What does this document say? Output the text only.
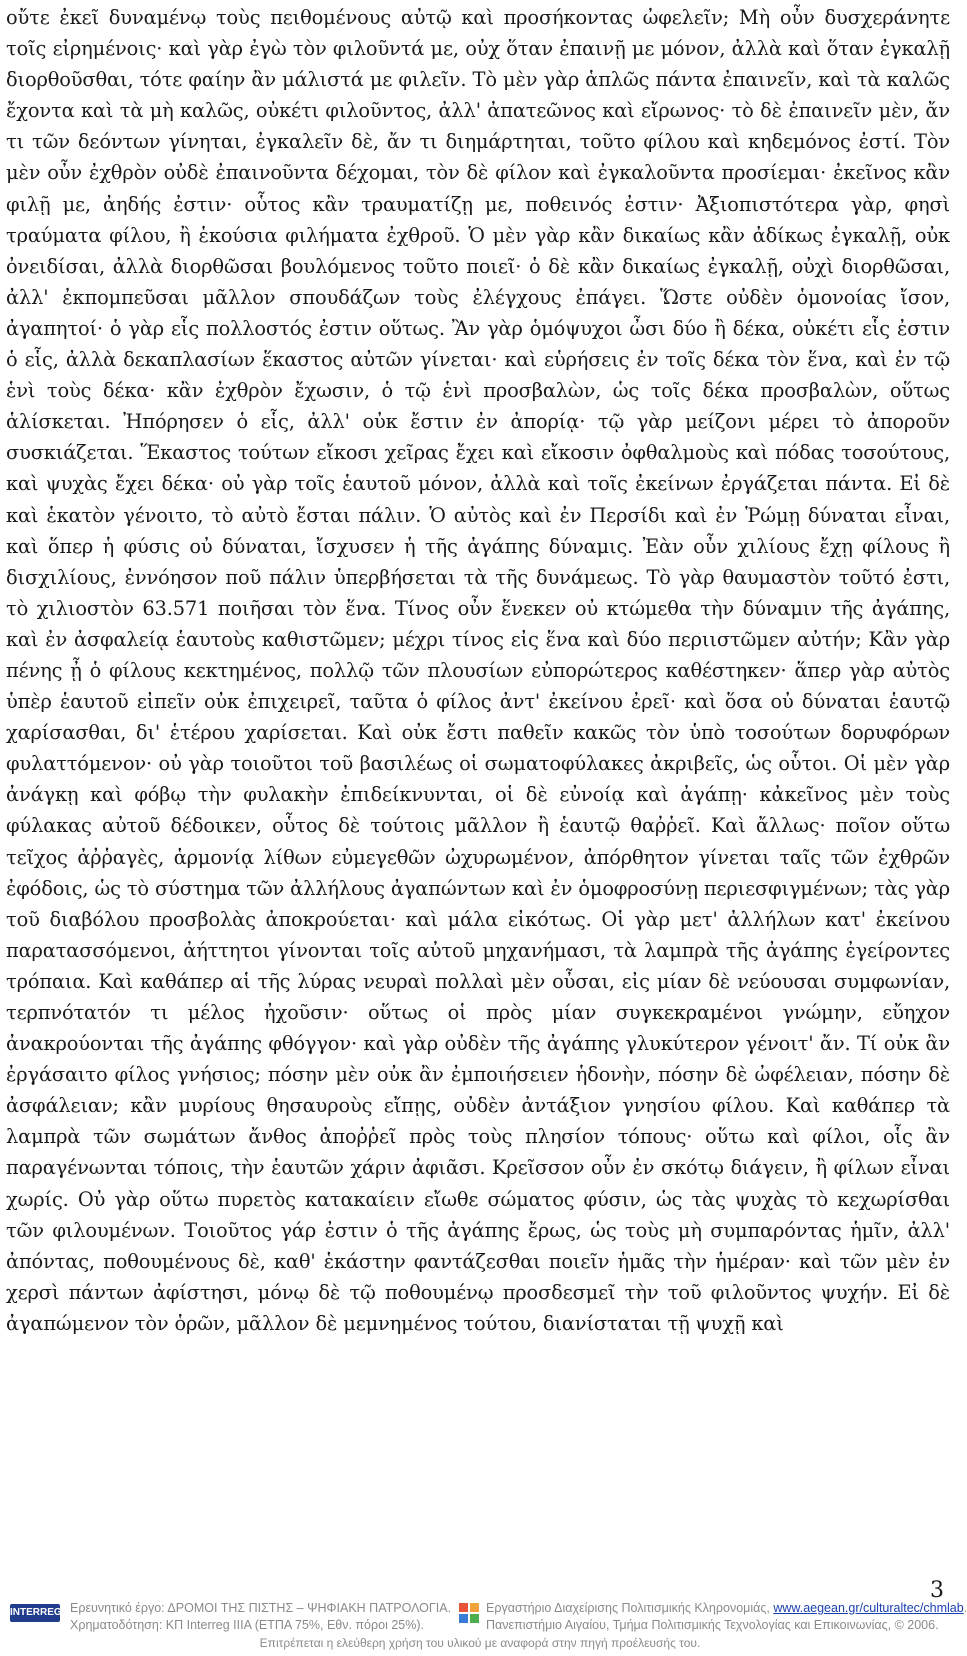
οὔτε ἐκεῖ δυναμένῳ τοὺς πειθομένους αὐτῷ καὶ προσήκοντας ὠφελεῖν; Μὴ οὖν δυσχεράνητε τοῖς εἰρημένοις· καὶ γὰρ ἐγὼ τὸν φιλοῦντά με, οὐχ ὅταν ἐπαινῇ με μόνον, ἀλλὰ καὶ ὅταν ἐγκαλῇ διορθοῦσθαι, τότε φαίην ἂν μάλιστά με φιλεῖν. Τὸ μὲν γὰρ ἁπλῶς πάντα ἐπαινεῖν, καὶ τὰ καλῶς ἔχοντα καὶ τὰ μὴ καλῶς, οὐκέτι φιλοῦντος, ἀλλ' ἀπατεῶνος καὶ εἴρωνος· τὸ δὲ ἐπαινεῖν μὲν, ἄν τι τῶν δεόντων γίνηται, ἐγκαλεῖν δὲ, ἄν τι διημάρτηται, τοῦτο φίλου καὶ κηδεμόνος ἐστί. Τὸν μὲν οὖν ἐχθρὸν οὐδὲ ἐπαινοῦντα δέχομαι, τὸν δὲ φίλον καὶ ἐγκαλοῦντα προσίεμαι· ἐκεῖνος κἂν φιλῇ με, ἀηδής ἐστιν· οὗτος κἂν τραυματίζῃ με, ποθεινός ἐστιν· Ἀξιοπιστότερα γὰρ, φησὶ τραύματα φίλου, ἢ ἑκούσια φιλήματα ἐχθροῦ. Ὁ μὲν γὰρ κἂν δικαίως κἂν ἀδίκως ἐγκαλῇ, οὐκ ὀνειδίσαι, ἀλλὰ διορθῶσαι βουλόμενος τοῦτο ποιεῖ· ὁ δὲ κἂν δικαίως ἐγκαλῇ, οὐχὶ διορθῶσαι, ἀλλ' ἐκπομπεῦσαι μᾶλλον σπουδάζων τοὺς ἐλέγχους ἐπάγει. Ὥστε οὐδὲν ὁμονοίας ἴσον, ἀγαπητοί· ὁ γὰρ εἷς πολλοστός ἐστιν οὕτως. Ἂν γὰρ ὁμόψυχοι ὦσι δύο ἢ δέκα, οὐκέτι εἷς ἐστιν ὁ εἷς, ἀλλὰ δεκαπλασίων ἕκαστος αὐτῶν γίνεται· καὶ εὑρήσεις ἐν τοῖς δέκα τὸν ἕνα, καὶ ἐν τῷ ἑνὶ τοὺς δέκα· κἂν ἐχθρὸν ἔχωσιν, ὁ τῷ ἑνὶ προσβαλὼν, ὡς τοῖς δέκα προσβαλὼν, οὕτως ἁλίσκεται. Ἠπόρησεν ὁ εἷς, ἀλλ' οὐκ ἔστιν ἐν ἀπορίᾳ· τῷ γὰρ μείζονι μέρει τὸ ἀποροῦν συσκιάζεται. Ἕκαστος τούτων εἴκοσι χεῖρας ἔχει καὶ εἴκοσιν ὀφθαλμοὺς καὶ πόδας τοσούτους, καὶ ψυχὰς ἔχει δέκα· οὐ γὰρ τοῖς ἑαυτοῦ μόνον, ἀλλὰ καὶ τοῖς ἐκείνων ἐργάζεται πάντα. Εἰ δὲ καὶ ἑκατὸν γένοιτο, τὸ αὐτὸ ἔσται πάλιν. Ὁ αὐτὸς καὶ ἐν Περσίδι καὶ ἐν Ῥώμῃ δύναται εἶναι, καὶ ὅπερ ἡ φύσις οὐ δύναται, ἴσχυσεν ἡ τῆς ἀγάπης δύναμις. Ἐὰν οὖν χιλίους ἔχῃ φίλους ἢ δισχιλίους, ἐννόησον ποῦ πάλιν ὑπερβήσεται τὰ τῆς δυνάμεως. Τὸ γὰρ θαυμαστὸν τοῦτό ἐστι, τὸ χιλιοστὸν 63.571 ποιῆσαι τὸν ἕνα. Τίνος οὖν ἕνεκεν οὐ κτώμεθα τὴν δύναμιν τῆς ἀγάπης, καὶ ἐν ἀσφαλείᾳ ἑαυτοὺς καθιστῶμεν; μέχρι τίνος εἰς ἕνα καὶ δύο περιιστῶμεν αὐτήν; Κἂν γὰρ πένης ᾖ ὁ φίλους κεκτημένος, πολλῷ τῶν πλουσίων εὐπορώτερος καθέστηκεν· ἅπερ γὰρ αὐτὸς ὑπὲρ ἑαυτοῦ εἰπεῖν οὐκ ἐπιχειρεῖ, ταῦτα ὁ φίλος ἀντ' ἐκείνου ἐρεῖ· καὶ ὅσα οὐ δύναται ἑαυτῷ χαρίσασθαι, δι' ἑτέρου χαρίσεται. Καὶ οὐκ ἔστι παθεῖν κακῶς τὸν ὑπὸ τοσούτων δορυφόρων φυλαττόμενον· οὐ γὰρ τοιοῦτοι τοῦ βασιλέως οἱ σωματοφύλακες ἀκριβεῖς, ὡς οὗτοι. Οἱ μὲν γὰρ ἀνάγκῃ καὶ φόβῳ τὴν φυλακὴν ἐπιδείκνυνται, οἱ δὲ εὐνοίᾳ καὶ ἀγάπῃ· κἀκεῖνος μὲν τοὺς φύλακας αὐτοῦ δέδοικεν, οὗτος δὲ τούτοις μᾶλλον ἢ ἑαυτῷ θαῤῥεῖ. Καὶ ἄλλως· ποῖον οὕτω τεῖχος ἀῤῥαγὲς, ἁρμονίᾳ λίθων εὐμεγεθῶν ὠχυρωμένον, ἀπόρθητον γίνεται ταῖς τῶν ἐχθρῶν ἐφόδοις, ὡς τὸ σύστημα τῶν ἀλλήλους ἀγαπώντων καὶ ἐν ὁμοφροσύνῃ περιεσφιγμένων; τὰς γὰρ τοῦ διαβόλου προσβολὰς ἀποκρούεται· καὶ μάλα εἰκότως. Οἱ γὰρ μετ' ἀλλήλων κατ' ἐκείνου παρατασσόμενοι, ἀήττητοι γίνονται τοῖς αὐτοῦ μηχανήμασι, τὰ λαμπρὰ τῆς ἀγάπης ἐγείροντες τρόπαια. Καὶ καθάπερ αἱ τῆς λύρας νευραὶ πολλαὶ μὲν οὖσαι, εἰς μίαν δὲ νεύουσαι συμφωνίαν, τερπνότατόν τι μέλος ἠχοῦσιν· οὕτως οἱ πρὸς μίαν συγκεκραμένοι γνώμην, εὔηχον ἀνακρούονται τῆς ἀγάπης φθόγγον· καὶ γὰρ οὐδὲν τῆς ἀγάπης γλυκύτερον γένοιτ' ἄν. Τί οὐκ ἂν ἐργάσαιτο φίλος γνήσιος; πόσην μὲν οὐκ ἂν ἐμποιήσειεν ἡδονὴν, πόσην δὲ ὠφέλειαν, πόσην δὲ ἀσφάλειαν; κἂν μυρίους θησαυροὺς εἴπῃς, οὐδὲν ἀντάξιον γνησίου φίλου. Καὶ καθάπερ τὰ λαμπρὰ τῶν σωμάτων ἄνθος ἀποῤῥεῖ πρὸς τοὺς πλησίον τόπους· οὕτω καὶ φίλοι, οἷς ἂν παραγένωνται τόποις, τὴν ἑαυτῶν χάριν ἀφιᾶσι. Κρεῖσσον οὖν ἐν σκότῳ διάγειν, ἢ φίλων εἶναι χωρίς. Οὐ γὰρ οὕτω πυρετὸς κατακαίειν εἴωθε σώματος φύσιν, ὡς τὰς ψυχὰς τὸ κεχωρίσθαι τῶν φιλουμένων. Τοιοῦτος γάρ ἐστιν ὁ τῆς ἀγάπης ἔρως, ὡς τοὺς μὴ συμπαρόντας ἡμῖν, ἀλλ' ἀπόντας, ποθουμένους δὲ, καθ' ἑκάστην φαντάζεσθαι ποιεῖν ἡμᾶς τὴν ἡμέραν· καὶ τῶν μὲν ἐν χερσὶ πάντων ἀφίστησι, μόνῳ δὲ τῷ ποθουμένῳ προσδεσμεῖ τὴν τοῦ φιλοῦντος ψυχήν. Εἰ δὲ ἀγαπώμενον τὸν ὁρῶν, μᾶλλον δὲ μεμνημένος τούτου, διανίσταται τῇ ψυχῇ καὶ

3
INTERREG Ερευνητικό έργο: ΔΡΟΜΟΙ ΤΗΣ ΠΙΣΤΗΣ – ΨΗΦΙΑΚΗ ΠΑΤΡΟΛΟΓΙΑ.
Χρηματοδότηση: ΚΠ Interreg IIIA (ΕΤΠΑ 75%, Εθν. πόροι 25%).
Εργαστήριο Διαχείρισης Πολιτισμικής Κληρονομιάς, www.aegean.gr/culturaltec/chmlab.
Πανεπιστήμιο Αιγαίου, Τμήμα Πολιτισμικής Τεχνολογίας και Επικοινωνίας, © 2006.
Επιτρέπεται η ελεύθερη χρήση του υλικού με αναφορά στην πηγή προέλευσής του.
